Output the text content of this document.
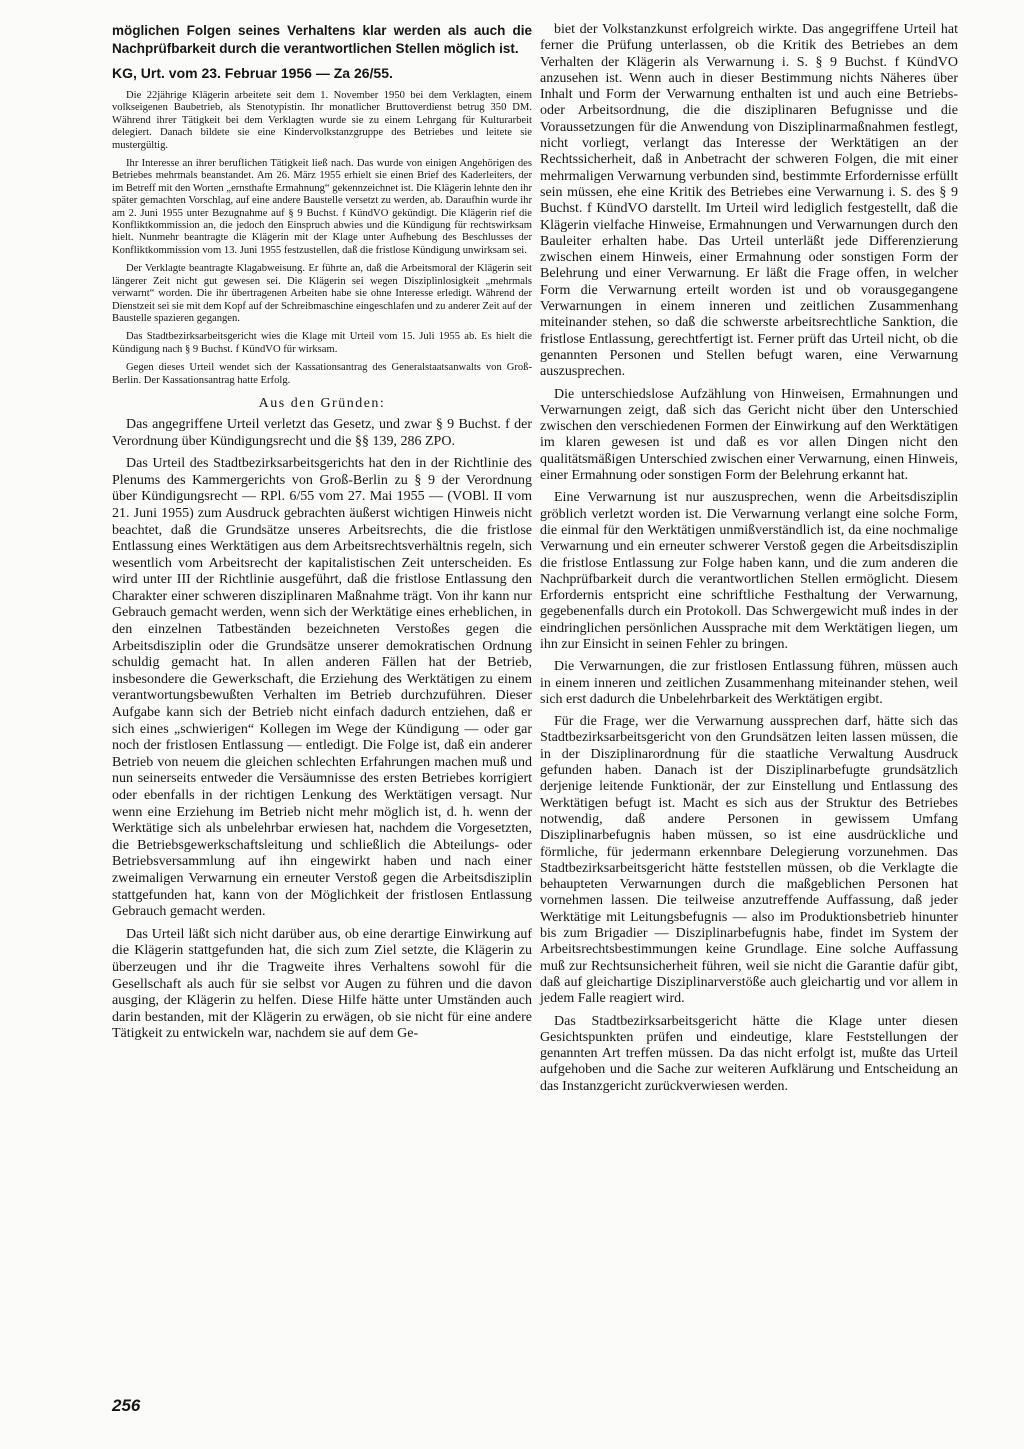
möglichen Folgen seines Verhaltens klar werden als auch die Nachprüfbarkeit durch die verantwortlichen Stellen möglich ist.

KG, Urt. vom 23. Februar 1956 — Za 26/55.

Die 22jährige Klägerin arbeitete seit dem 1. November 1950 bei dem Verklagten, einem volkseigenen Baubetrieb, als Stenotypistin. Ihr monatlicher Bruttoverdienst betrug 350 DM. Während ihrer Tätigkeit bei dem Verklagten wurde sie zu einem Lehrgang für Kulturarbeit delegiert. Danach bildete sie eine Kindervolkstanzgruppe des Betriebes und leitete sie mustergültig.

Ihr Interesse an ihrer beruflichen Tätigkeit ließ nach. Das wurde von einigen Angehörigen des Betriebes mehrmals beanstandet. Am 26. März 1955 erhielt sie einen Brief des Kaderleiters, der im Betreff mit den Worten „ernsthafte Ermahnung“ gekennzeichnet ist. Die Klägerin lehnte den ihr später gemachten Vorschlag, auf eine andere Baustelle versetzt zu werden, ab. Daraufhin wurde ihr am 2. Juni 1955 unter Bezugnahme auf § 9 Buchst. f KündVO gekündigt. Die Klägerin rief die Konfliktkommission an, die jedoch den Einspruch abwies und die Kündigung für rechtswirksam hielt. Nunmehr beantragte die Klägerin mit der Klage unter Aufhebung des Beschlusses der Konfliktkommission vom 13. Juni 1955 festzustellen, daß die fristlose Kündigung unwirksam sei.

Der Verklagte beantragte Klagabweisung. Er führte an, daß die Arbeitsmoral der Klägerin seit längerer Zeit nicht gut gewesen sei. Die Klägerin sei wegen Disziplinlosigkeit „mehrmals verwarnt“ worden. Die ihr übertragenen Arbeiten habe sie ohne Interesse erledigt. Während der Dienstzeit sei sie mit dem Kopf auf der Schreibmaschine eingeschlafen und zu anderer Zeit auf der Baustelle spazieren gegangen.

Das Stadtbezirksarbeitsgericht wies die Klage mit Urteil vom 15. Juli 1955 ab. Es hielt die Kündigung nach § 9 Buchst. f KündVO für wirksam.

Gegen dieses Urteil wendet sich der Kassationsantrag des Generalstaatsanwalts von Groß-Berlin. Der Kassationsantrag hatte Erfolg.

Aus den Gründen:

Das angegriffene Urteil verletzt das Gesetz, und zwar § 9 Buchst. f der Verordnung über Kündigungsrecht und die §§ 139, 286 ZPO.

Das Urteil des Stadtbezirksarbeitsgerichts hat den in der Richtlinie des Plenums des Kammergerichts von Groß-Berlin zu § 9 der Verordnung über Kündigungsrecht — RPl. 6/55 vom 27. Mai 1955 — (VOBl. II vom 21. Juni 1955) zum Ausdruck gebrachten äußerst wichtigen Hinweis nicht beachtet, daß die Grundsätze unseres Arbeitsrechts, die die fristlose Entlassung eines Werktätigen aus dem Arbeitsrechtsverhältnis regeln, sich wesentlich vom Arbeitsrecht der kapitalistischen Zeit unterscheiden. Es wird unter III der Richtlinie ausgeführt, daß die fristlose Entlassung den Charakter einer schweren disziplinaren Maßnahme trägt. Von ihr kann nur Gebrauch gemacht werden, wenn sich der Werktätige eines erheblichen, in den einzelnen Tatbeständen bezeichneten Verstoßes gegen die Arbeitsdisziplin oder die Grundsätze unserer demokratischen Ordnung schuldig gemacht hat. In allen anderen Fällen hat der Betrieb, insbesondere die Gewerkschaft, die Erziehung des Werktätigen zu einem verantwortungsbewußten Verhalten im Betrieb durchzuführen. Dieser Aufgabe kann sich der Betrieb nicht einfach dadurch entziehen, daß er sich eines „schwierigen“ Kollegen im Wege der Kündigung — oder gar noch der fristlosen Entlassung — entledigt. Die Folge ist, daß ein anderer Betrieb von neuem die gleichen schlechten Erfahrungen machen muß und nun seinerseits entweder die Versäumnisse des ersten Betriebes korrigiert oder ebenfalls in der richtigen Lenkung des Werktätigen versagt. Nur wenn eine Erziehung im Betrieb nicht mehr möglich ist, d. h. wenn der Werktätige sich als unbelehrbar erwiesen hat, nachdem die Vorgesetzten, die Betriebsgewerkschaftsleitung und schließlich die Abteilungs- oder Betriebsversammlung auf ihn eingewirkt haben und nach einer zweimaligen Verwarnung ein erneuter Verstoß gegen die Arbeitsdisziplin stattgefunden hat, kann von der Möglichkeit der fristlosen Entlassung Gebrauch gemacht werden.

Das Urteil läßt sich nicht darüber aus, ob eine derartige Einwirkung auf die Klägerin stattgefunden hat, die sich zum Ziel setzte, die Klägerin zu überzeugen und ihr die Tragweite ihres Verhaltens sowohl für die Gesellschaft als auch für sie selbst vor Augen zu führen und die davon ausging, der Klägerin zu helfen. Diese Hilfe hätte unter Umständen auch darin bestanden, mit der Klägerin zu erwägen, ob sie nicht für eine andere Tätigkeit zu entwickeln war, nachdem sie auf dem Ge-

biet der Volkstanzkunst erfolgreich wirkte. Das angegriffene Urteil hat ferner die Prüfung unterlassen, ob die Kritik des Betriebes an dem Verhalten der Klägerin als Verwarnung i. S. § 9 Buchst. f KündVO anzusehen ist. Wenn auch in dieser Bestimmung nichts Näheres über Inhalt und Form der Verwarnung enthalten ist und auch eine Betriebs- oder Arbeitsordnung, die die disziplinaren Befugnisse und die Voraussetzungen für die Anwendung von Disziplinarmaßnahmen festlegt, nicht vorliegt, verlangt das Interesse der Werktätigen an der Rechtssicherheit, daß in Anbetracht der schweren Folgen, die mit einer mehrmaligen Verwarnung verbunden sind, bestimmte Erfordernisse erfüllt sein müssen, ehe eine Kritik des Betriebes eine Verwarnung i. S. des § 9 Buchst. f KündVO darstellt. Im Urteil wird lediglich festgestellt, daß die Klägerin vielfache Hinweise, Ermahnungen und Verwarnungen durch den Bauleiter erhalten habe. Das Urteil unterläßt jede Differenzierung zwischen einem Hinweis, einer Ermahnung oder sonstigen Form der Belehrung und einer Verwarnung. Er läßt die Frage offen, in welcher Form die Verwarnung erteilt worden ist und ob vorausgegangene Verwarnungen in einem inneren und zeitlichen Zusammenhang miteinander stehen, so daß die schwerste arbeitsrechtliche Sanktion, die fristlose Entlassung, gerechtfertigt ist. Ferner prüft das Urteil nicht, ob die genannten Personen und Stellen befugt waren, eine Verwarnung auszusprechen.

Die unterschiedslose Aufzählung von Hinweisen, Ermahnungen und Verwarnungen zeigt, daß sich das Gericht nicht über den Unterschied zwischen den verschiedenen Formen der Einwirkung auf den Werktätigen im klaren gewesen ist und daß es vor allen Dingen nicht den qualitätsmäßigen Unterschied zwischen einer Verwarnung, einen Hinweis, einer Ermahnung oder sonstigen Form der Belehrung erkannt hat.

Eine Verwarnung ist nur auszusprechen, wenn die Arbeitsdisziplin gröblich verletzt worden ist. Die Verwarnung verlangt eine solche Form, die einmal für den Werktätigen unmißverständlich ist, da eine nochmalige Verwarnung und ein erneuter schwerer Verstoß gegen die Arbeitsdisziplin die fristlose Entlassung zur Folge haben kann, und die zum anderen die Nachprüfbarkeit durch die verantwortlichen Stellen ermöglicht. Diesem Erfordernis entspricht eine schriftliche Festhaltung der Verwarnung, gegebenenfalls durch ein Protokoll. Das Schwergewicht muß indes in der eindringlichen persönlichen Aussprache mit dem Werktätigen liegen, um ihn zur Einsicht in seinen Fehler zu bringen.

Die Verwarnungen, die zur fristlosen Entlassung führen, müssen auch in einem inneren und zeitlichen Zusammenhang miteinander stehen, weil sich erst dadurch die Unbelehrbarkeit des Werktätigen ergibt.

Für die Frage, wer die Verwarnung aussprechen darf, hätte sich das Stadtbezirksarbeitsgericht von den Grundsätzen leiten lassen müssen, die in der Disziplinarordnung für die staatliche Verwaltung Ausdruck gefunden haben. Danach ist der Disziplinarbefugte grundsätzlich derjenige leitende Funktionär, der zur Einstellung und Entlassung des Werktätigen befugt ist. Macht es sich aus der Struktur des Betriebes notwendig, daß andere Personen in gewissem Umfang Disziplinarbefugnis haben müssen, so ist eine ausdrückliche und förmliche, für jedermann erkennbare Delegierung vorzunehmen. Das Stadtbezirksarbeitsgericht hätte feststellen müssen, ob die Verklagte die behaupteten Verwarnungen durch die maßgeblichen Personen hat vornehmen lassen. Die teilweise anzutreffende Auffassung, daß jeder Werktätige mit Leitungsbefugnis — also im Produktionsbetrieb hinunter bis zum Brigadier — Disziplinarbefugnis habe, findet im System der Arbeitsrechtsbestimmungen keine Grundlage. Eine solche Auffassung muß zur Rechtsunsicherheit führen, weil sie nicht die Garantie dafür gibt, daß auf gleichartige Disziplinarverstöße auch gleichartig und vor allem in jedem Falle reagiert wird.

Das Stadtbezirksarbeitsgericht hätte die Klage unter diesen Gesichtspunkten prüfen und eindeutige, klare Feststellungen der genannten Art treffen müssen. Da das nicht erfolgt ist, mußte das Urteil aufgehoben und die Sache zur weiteren Aufklärung und Entscheidung an das Instanzgericht zurückverwiesen werden.

256
